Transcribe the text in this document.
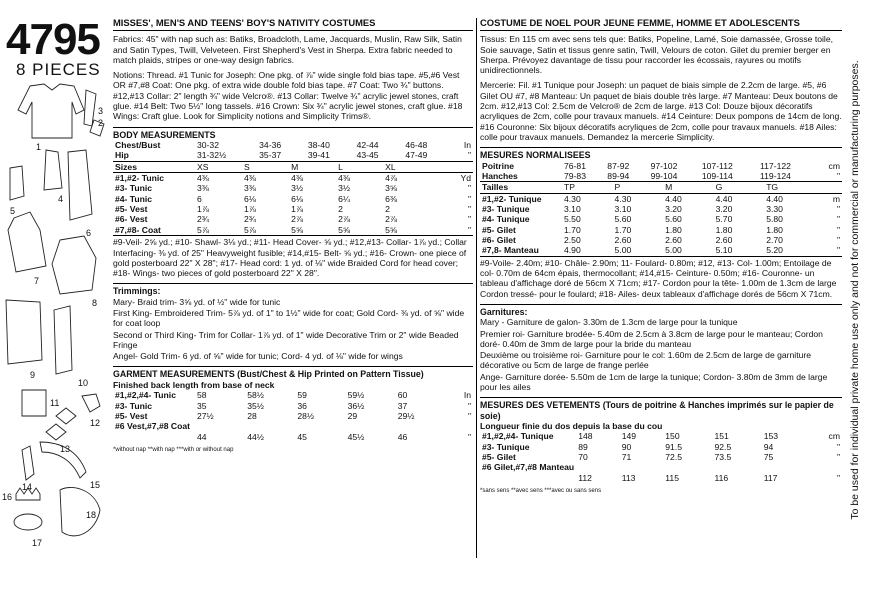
4795
8 PIECES
1
2
3
4
5
6
7
8
9
10
11
12
13
14	15
16
17
18
MISSES', MEN'S AND TEENS' BOY'S NATIVITY COSTUMES
Fabrics: 45" with nap such as: Batiks, Broadcloth, Lame, Jacquards, Muslin, Raw Silk, Satin and Satin Types, Twill, Velveteen. First Shepherd's Vest in Sherpa. Extra fabric needed to match plaids, stripes or one-way design fabrics.
Notions: Thread. #1 Tunic for Joseph: One pkg. of ⅞" wide single fold bias tape. #5,#6 Vest OR #7,#8 Coat: One pkg. of extra wide double fold bias tape. #7 Coat: Two ¾" buttons. #12,#13 Collar: 2" length ¾" wide Velcro®. #13 Collar: Twelve ¾" acrylic jewel stones, craft glue. #14 Belt: Two 5½" long tassels. #16 Crown: Six ¾" acrylic jewel stones, craft glue. #18 Wings: Craft glue. Look for Simplicity notions and Simplicity Trims®.
BODY MEASUREMENTS
Chest/Bust	30-32	34-36	38-40	42-44	46-48	In
Hip	31-32½	35-37	39-41	43-45	47-49	"
Sizes	XS	S	M	L	XL	
#1,#2- Tunic	4⅜	4⅜	4⅜	4⅜	4⅞	Yd
#3- Tunic	3⅜	3⅜	3½	3½	3⅝	"
#4- Tunic	6	6⅛	6⅛	6¼	6⅜	"
#5- Vest	1⅞	1⅞	1⅞	2	2	"
#6- Vest	2¾	2¾	2⅞	2⅞	2⅞	"
#7,#8- Coat	5⅞	5⅞	5⅝	5⅝	5⅝	"
#9-Veil- 2⅝ yd.; #10- Shawl- 3⅛ yd.; #11- Head Cover- ⅝ yd.; #12,#13- Collar- 1⅞ yd.; Collar Interfacing- ⅜ yd. of 25" Heavyweight fusible; #14,#15- Belt- ⅝ yd.; #16- Crown- one piece of gold posterboard 22" X 28"; #17- Head cord: 1 yd. of ⅛" wide Braided Cord for head cover; #18- Wings- two pieces of gold posterboard 22" X 28".
Trimmings:
Mary- Braid trim- 3⅝ yd. of ½" wide for tunic
First King- Embroidered Trim- 5⅞ yd. of 1" to 1½" wide for coat; Gold Cord- ⅜ yd. of ⅝" wide for coat loop
Second or Third King- Trim for Collar- 1⅞ yd. of 1" wide Decorative Trim or 2" wide Beaded Fringe
Angel- Gold Trim- 6 yd. of ⅝" wide for tunic; Cord- 4 yd. of ⅛" wide for wings
GARMENT MEASUREMENTS (Bust/Chest & Hip Printed on Pattern Tissue)
Finished back length from base of neck
#1,#2,#4- Tunic	58	58½	59	59½	60	In
#3- Tunic	35	35½	36	36½	37	"
#5- Vest	27½	28	28½	29	29½	"
#6 Vest,#7,#8 Coat						
	44	44½	45	45½	46	"
*without nap **with nap ***with or without nap
COSTUME DE NOEL POUR JEUNE FEMME, HOMME ET ADOLESCENTS
Tissus: En 115 cm avec sens tels que: Batiks, Popeline, Lamé, Soie damassée, Grosse toile, Soie sauvage, Satin et tissus genre satin, Twill, Velours de coton. Gilet du premier berger en Sherpa. Prévoyez davantage de tissu pour raccorder les écossais, rayures ou motifs unidirectionnels.
Mercerie: Fil. #1 Tunique pour Joseph: un paquet de biais simple de 2.2cm de large. #5, #6 Gilet OU #7, #8 Manteau: Un paquet de biais double très large. #7 Manteau: Deux boutons de 2cm. #12,#13 Col: 2.5cm de Velcro® de 2cm de large. #13 Col: Douze bijoux décoratifs acryliques de 2cm, colle pour travaux manuels. #14 Ceinture: Deux pompons de 14cm de long. #16 Couronne: Six bijoux décoratifs acryliques de 2cm, colle pour travaux manuels. #18 Ailes: colle pour travaux manuels. Demandez la mercerie Simplicity.
MESURES NORMALISEES
Poitrine	76-81	87-92	97-102	107-112	117-122	cm
Hanches	79-83	89-94	99-104	109-114	119-124	"
Tailles	TP	P	M	G	TG	
#1,#2- Tunique	4.30	4.30	4.40	4.40	4.40	m
#3- Tunique	3.10	3.10	3.20	3.20	3.30	"
#4- Tunique	5.50	5.60	5.60	5.70	5.80	"
#5- Gilet	1.70	1.70	1.80	1.80	1.80	"
#6- Gilet	2.50	2.60	2.60	2.60	2.70	"
#7,8- Manteau	4.90	5.00	5.00	5.10	5.20	"
#9-Voile- 2.40m; #10- Châle- 2.90m; 11- Foulard- 0.80m; #12, #13- Col- 1.00m; Entoilage de col- 0.70m de 64cm épais, thermocollant; #14,#15- Ceinture- 0.50m; #16- Couronne- un tableau d'affichage doré de 56cm X 71cm; #17- Cordon pour la tête- 1.00m de 1.3cm de large Cordon tressé- pour le foulard; #18- Ailes- deux tableaux d'affichage dorés de 56cm X 71cm.
Garnitures:
Mary - Garniture de galon- 3.30m de 1.3cm de large pour la tunique
Premier roi- Garniture brodée- 5.40m de 2.5cm à 3.8cm de large pour le manteau; Cordon doré- 0.40m de 3mm de large pour la bride du manteau
Deuxième ou troisième roi- Garniture pour le col: 1.60m de 2.5cm de large de garniture décorative ou 5cm de large de frange perlée
Ange- Garniture dorée- 5.50m de 1cm de large la tunique; Cordon- 3.80m de 3mm de large pour les ailes
MESURES DES VETEMENTS (Tours de poitrine & Hanches imprimés sur le papier de soie)
Longueur finie du dos depuis la base du cou
#1,#2,#4- Tunique	148	149	150	151	153	cm
#3- Tunique	89	90	91.5	92.5	94	"
#5- Gilet	70	71	72.5	73.5	75	"
#6 Gilet,#7,#8 Manteau						
	112	113	115	116	117	"
*sans sens **avec sens ***avec ou sans sens	To be used for individual private home use only and not for commercial or manufacturing purposes.
